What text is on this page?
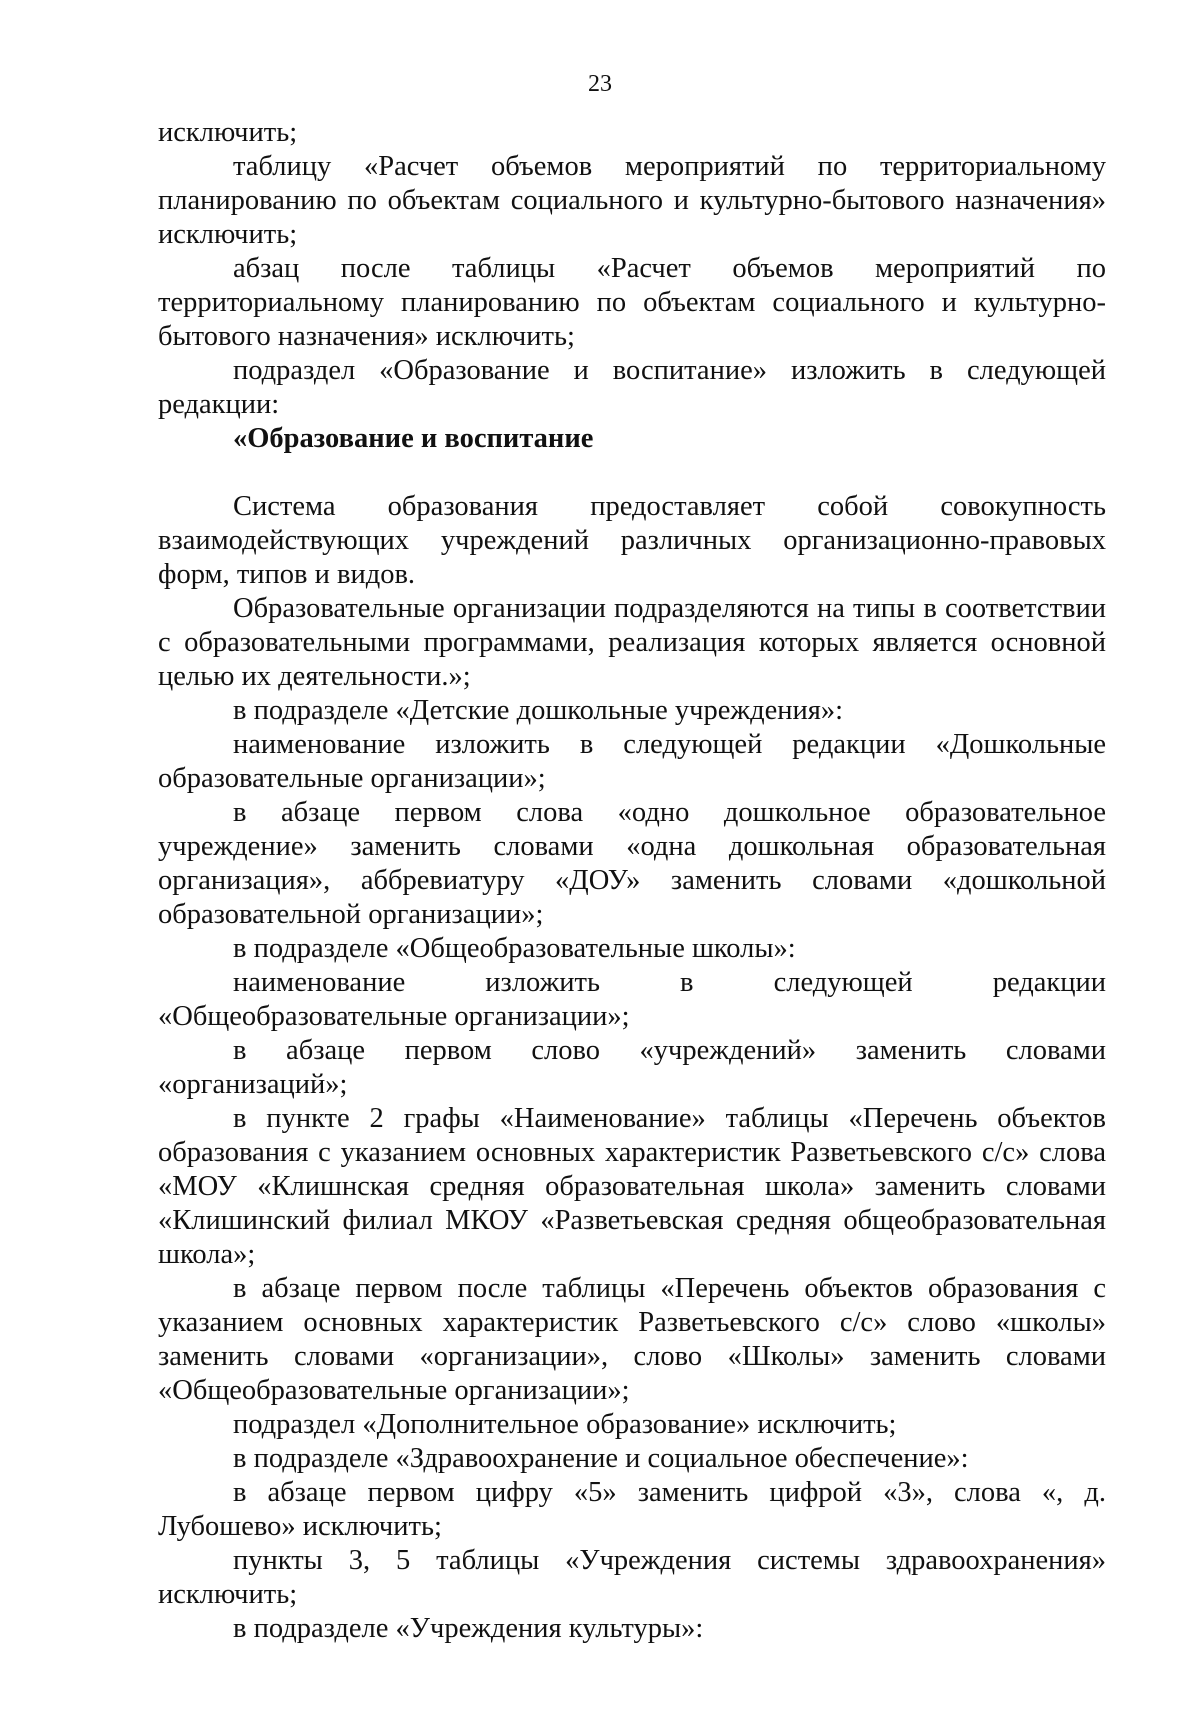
23

исключить;

таблицу «Расчет объемов мероприятий по территориальному планированию по объектам социального и культурно-бытового назначения» исключить;

абзац после таблицы «Расчет объемов мероприятий по территориальному планированию по объектам социального и культурно-бытового назначения» исключить;

подраздел «Образование и воспитание» изложить в следующей редакции:

«Образование и воспитание

Система образования предоставляет собой совокупность взаимодействующих учреждений различных организационно-правовых форм, типов и видов.

Образовательные организации подразделяются на типы в соответствии с образовательными программами, реализация которых является основной целью их деятельности.»;

в подразделе «Детские дошкольные учреждения»:

наименование изложить в следующей редакции «Дошкольные образовательные организации»;

в абзаце первом слова «одно дошкольное образовательное учреждение» заменить словами «одна дошкольная образовательная организация», аббревиатуру «ДОУ» заменить словами «дошкольной образовательной организации»;

в подразделе «Общеобразовательные школы»:

наименование изложить в следующей редакции «Общеобразовательные организации»;

в абзаце первом слово «учреждений» заменить словами «организаций»;

в пункте 2 графы «Наименование» таблицы «Перечень объектов образования с указанием основных характеристик Разветьевского с/с» слова «МОУ «Клишнская средняя образовательная школа» заменить словами «Клишинский филиал МКОУ «Разветьевская средняя общеобразовательная школа»;

в абзаце первом после таблицы «Перечень объектов образования с указанием основных характеристик Разветьевского с/с» слово «школы» заменить словами «организации», слово «Школы» заменить словами «Общеобразовательные организации»;

подраздел «Дополнительное образование» исключить;

в подразделе «Здравоохранение и социальное обеспечение»:

в абзаце первом цифру «5» заменить цифрой «3», слова «, д. Лубошево» исключить;

пункты 3, 5 таблицы «Учреждения системы здравоохранения» исключить;

в подразделе «Учреждения культуры»:
